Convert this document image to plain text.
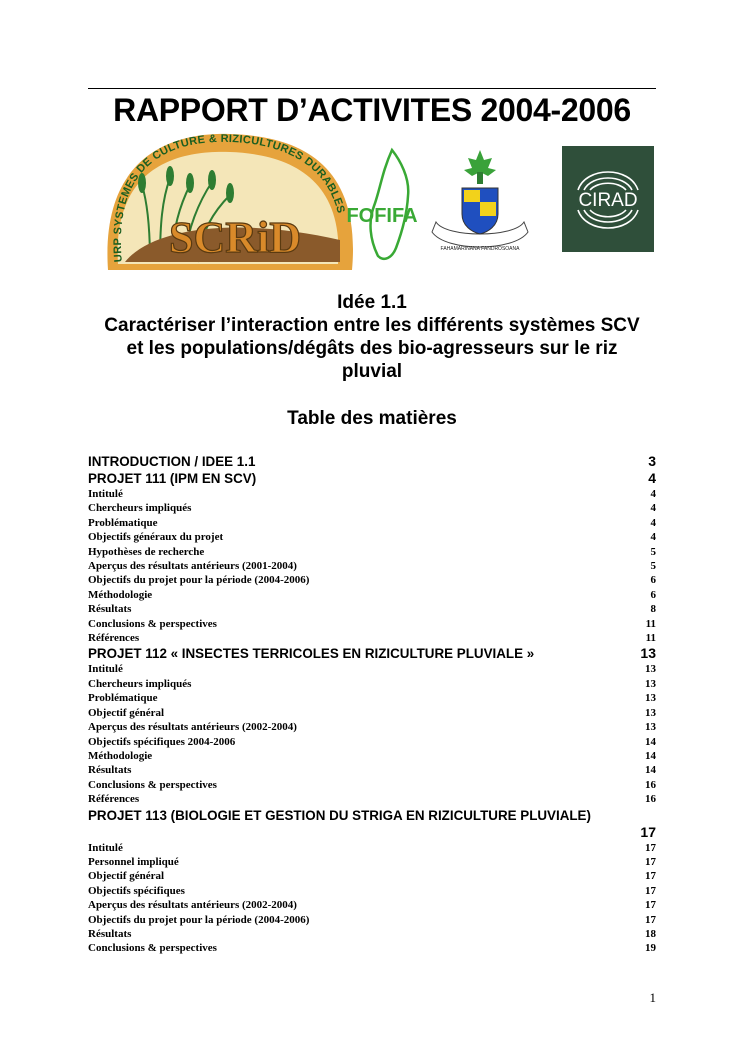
RAPPORT D’ACTIVITES 2004-2006
URP SYSTEMES DE CULTURE & RIZICULTURES DURABLES
SCRiD FOFIFA
FAHAMARINANA FANDROSOANA
CIRAD
Idée 1.1
Caractériser l’interaction entre les différents systèmes SCV
et les populations/dégâts des bio-agresseurs sur le riz
pluvial
Table des matières
INTRODUCTION / IDEE 1.1	3
PROJET 111 (IPM EN SCV)	4
Intitulé	4
Chercheurs impliqués	4
Problématique	4
Objectifs généraux du projet	4
Hypothèses de recherche	5
Aperçus des résultats antérieurs (2001-2004)	5
Objectifs du projet pour la période (2004-2006)	6
Méthodologie	6
Résultats	8
Conclusions & perspectives	11
Références	11
PROJET 112 « INSECTES TERRICOLES EN RIZICULTURE PLUVIALE »	13
Intitulé	13
Chercheurs impliqués	13
Problématique	13
Objectif général	13
Aperçus des résultats antérieurs (2002-2004)	13
Objectifs spécifiques 2004-2006	14
Méthodologie	14
Résultats	14
Conclusions & perspectives	16
Références	16
PROJET 113 (BIOLOGIE ET GESTION DU STRIGA EN RIZICULTURE PLUVIALE)
17
Intitulé	17
Personnel impliqué	17
Objectif général	17
Objectifs spécifiques	17
Aperçus des résultats antérieurs (2002-2004)	17
Objectifs du projet pour la période (2004-2006)	17
Résultats	18
Conclusions & perspectives	19
1
